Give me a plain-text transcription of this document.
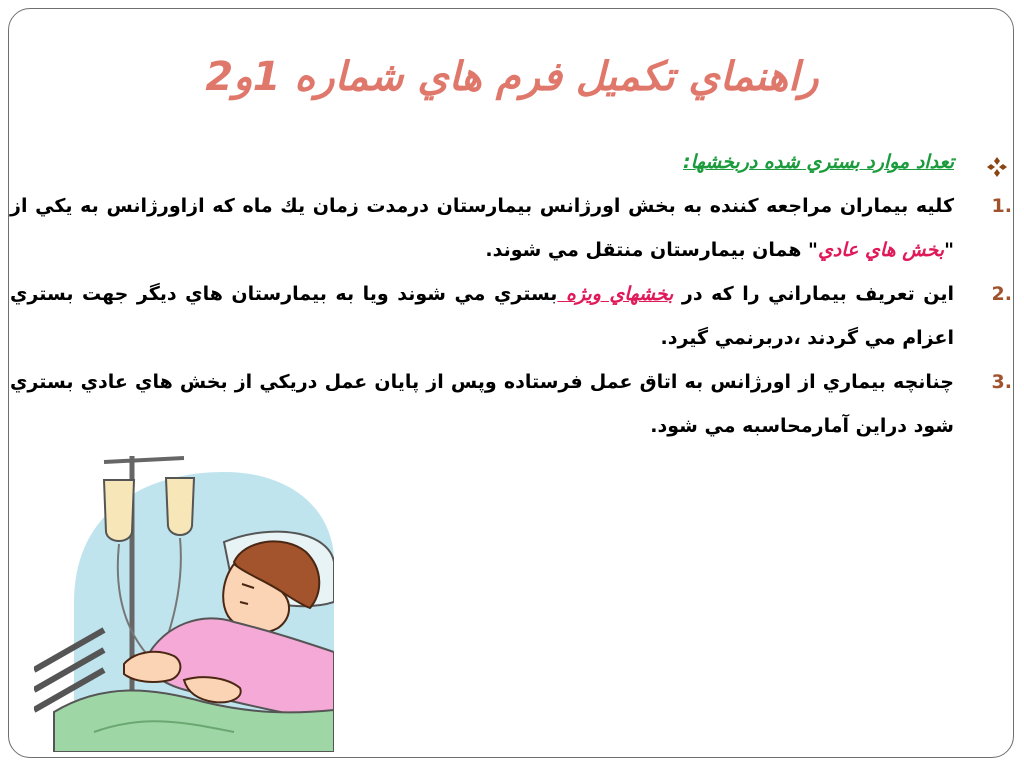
راهنماي تكميل فرم هاي شماره 1و2
تعداد موارد بستري شده دربخشها:
1.
كليه بيماران مراجعه كننده به بخش اورژانس بيمارستان درمدت زمان يك ماه كه ازاورژانس به يكي از "بخش هاي عادي" همان بيمارستان منتقل مي شوند.
2.
اين تعريف بيماراني را كه در بخشهاي ويژه بستري مي شوند ويا به بيمارستان هاي ديگر جهت بستري اعزام مي گردند ،دربرنمي گيرد.
3.
چنانچه بيماري از اورژانس به اتاق عمل فرستاده وپس از پايان عمل دريكي از بخش هاي عادي بستري شود دراين آمارمحاسبه مي شود.
